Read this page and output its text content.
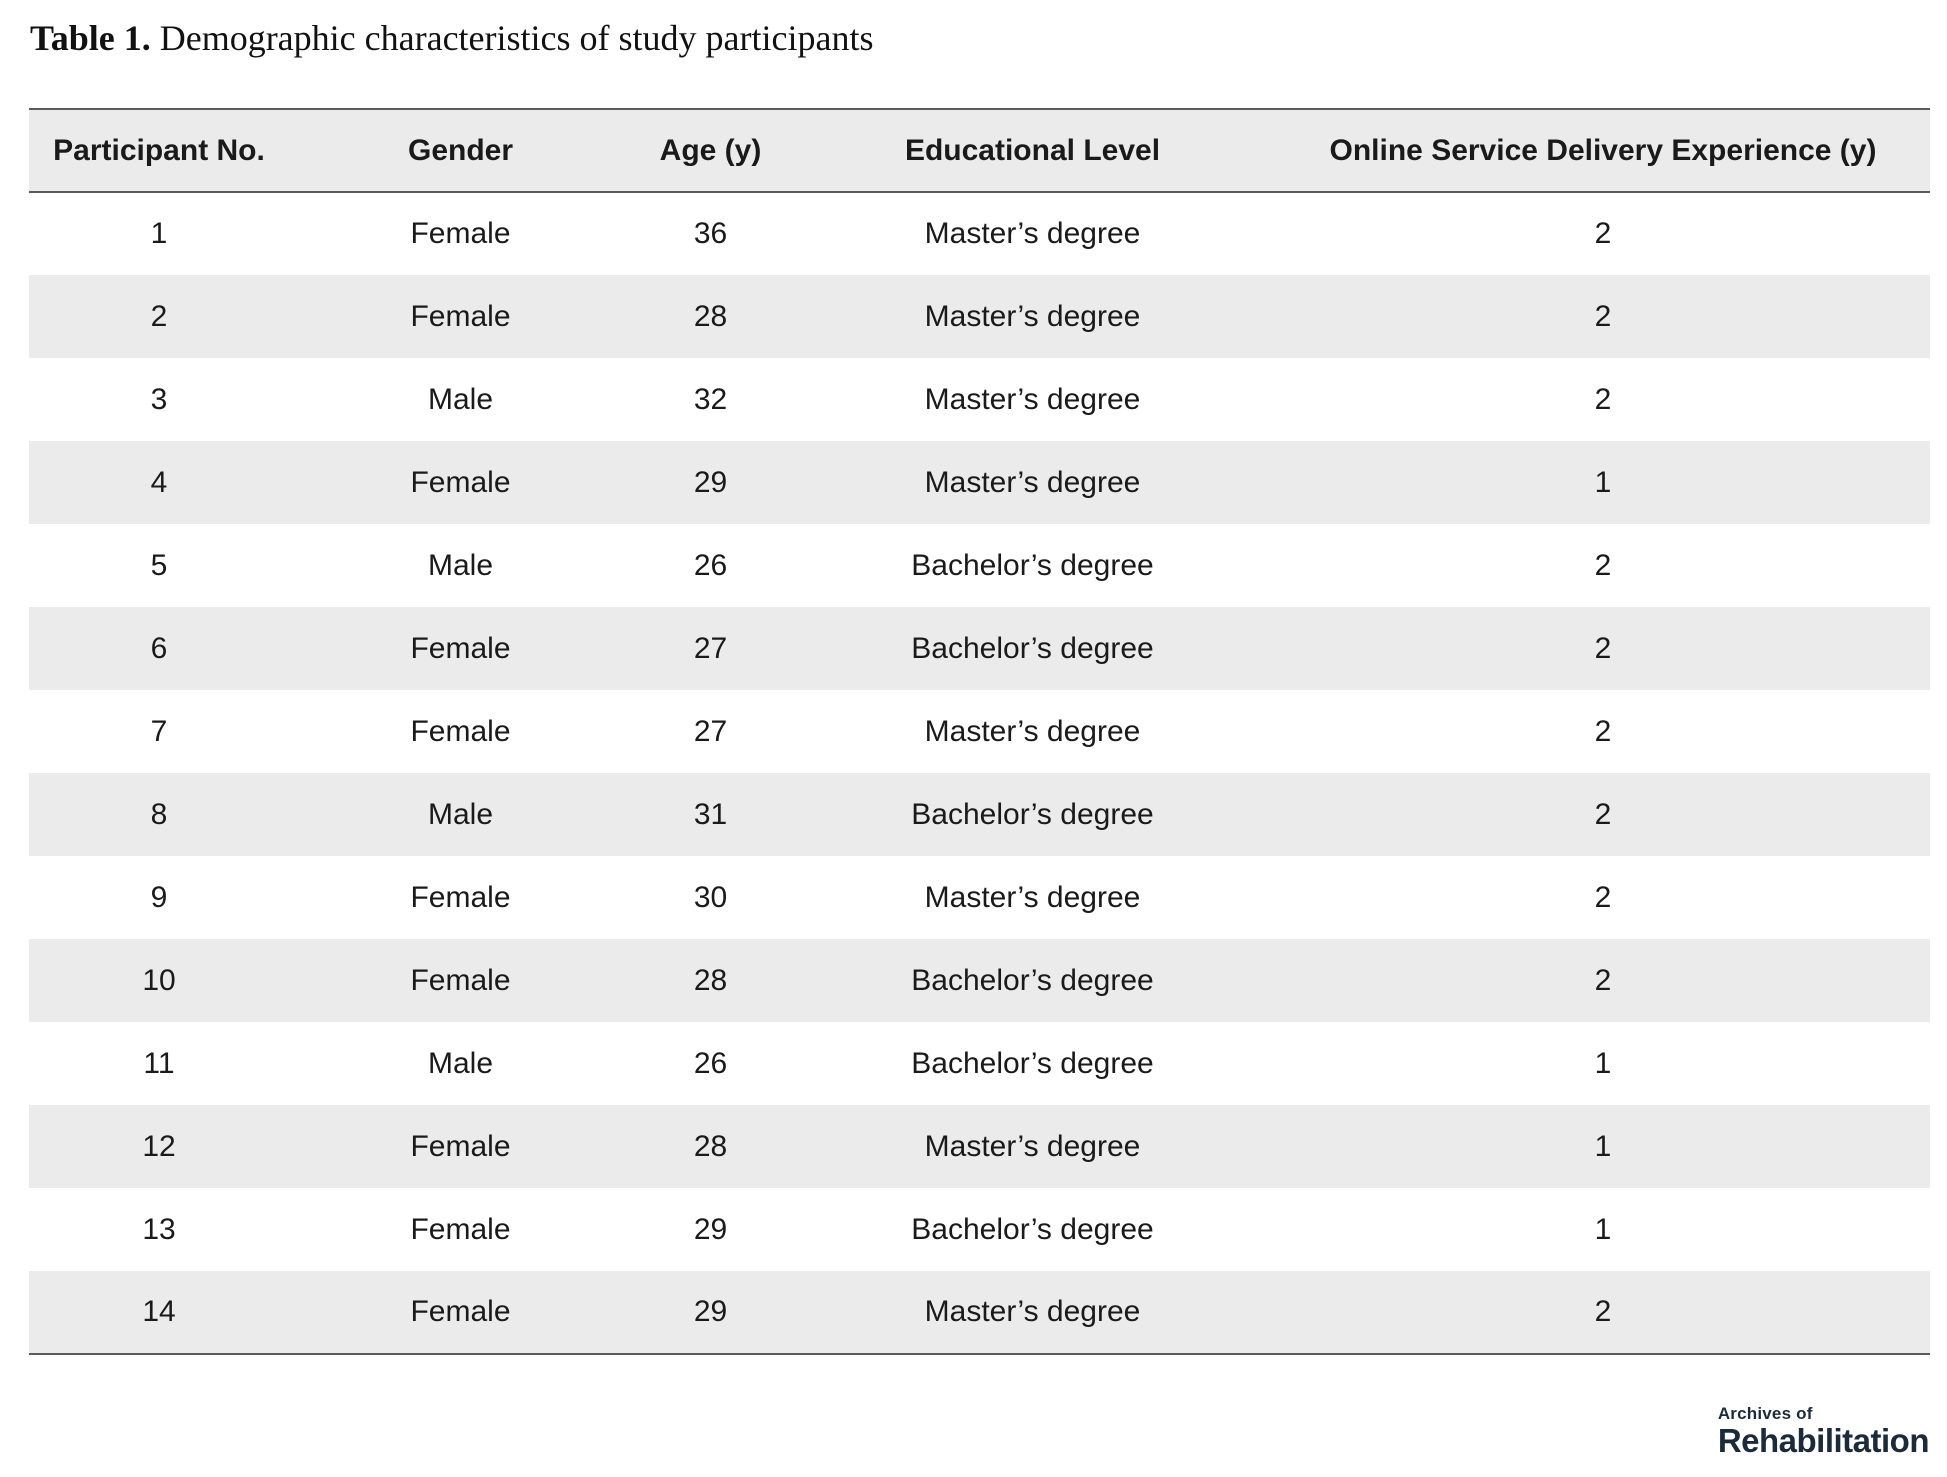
Table 1. Demographic characteristics of study participants
Participant No.	Gender	Age (y)	Educational Level	Online Service Delivery Experience (y)
1	Female	36	Master’s degree	2
2	Female	28	Master’s degree	2
3	Male	32	Master’s degree	2
4	Female	29	Master’s degree	1
5	Male	26	Bachelor’s degree	2
6	Female	27	Bachelor’s degree	2
7	Female	27	Master’s degree	2
8	Male	31	Bachelor’s degree	2
9	Female	30	Master’s degree	2
10	Female	28	Bachelor’s degree	2
11	Male	26	Bachelor’s degree	1
12	Female	28	Master’s degree	1
13	Female	29	Bachelor’s degree	1
14	Female	29	Master’s degree	2
Archives of
Rehabilitation
